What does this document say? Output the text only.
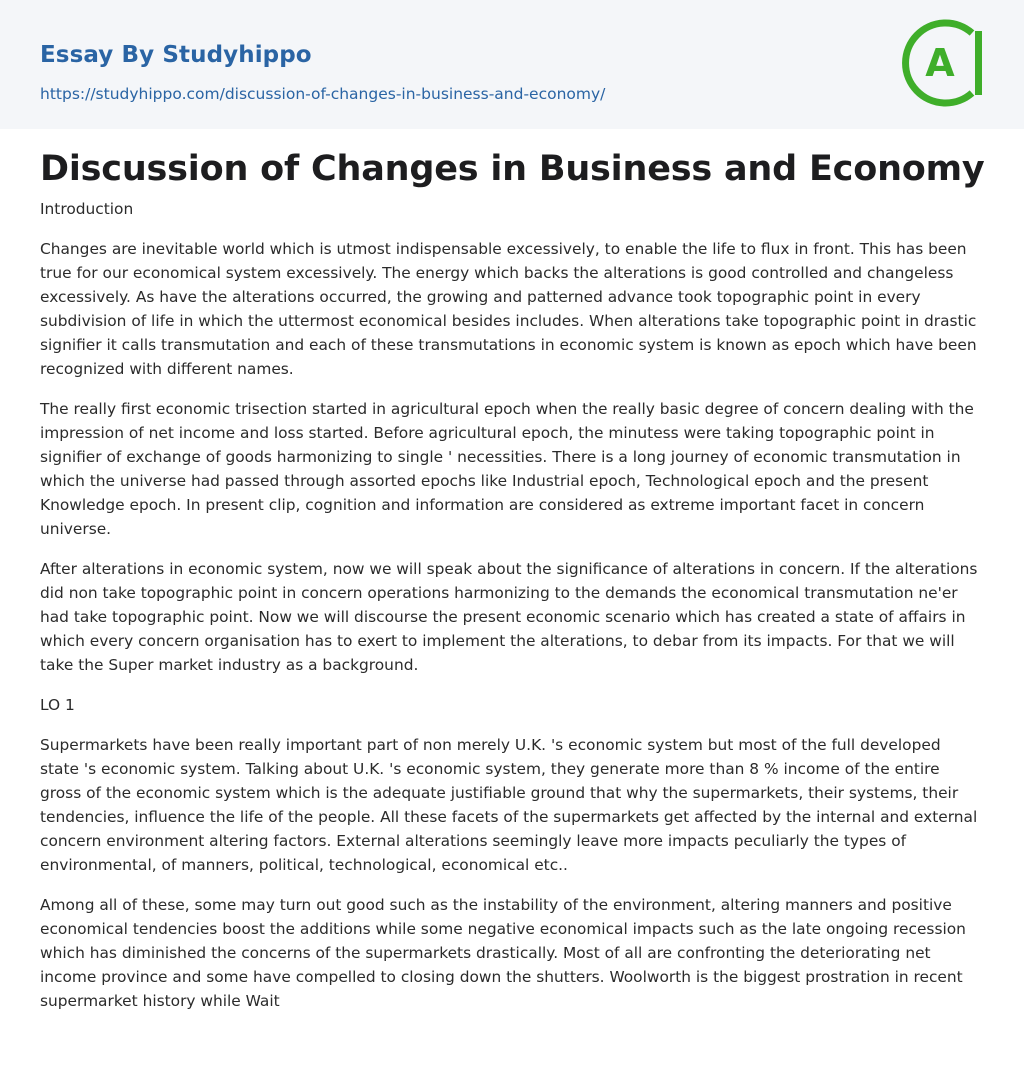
Essay By Studyhippo
https://studyhippo.com/discussion-of-changes-in-business-and-economy/
A
Discussion of Changes in Business and Economy

Introduction

Changes are inevitable world which is utmost indispensable excessively, to enable the life to flux in front. This has been true for our economical system excessively. The energy which backs the alterations is good controlled and changeless excessively. As have the alterations occurred, the growing and patterned advance took topographic point in every subdivision of life in which the uttermost economical besides includes. When alterations take topographic point in drastic signifier it calls transmutation and each of these transmutations in economic system is known as epoch which have been recognized with different names.

The really first economic trisection started in agricultural epoch when the really basic degree of concern dealing with the impression of net income and loss started. Before agricultural epoch, the minutess were taking topographic point in signifier of exchange of goods harmonizing to single ' necessities. There is a long journey of economic transmutation in which the universe had passed through assorted epochs like Industrial epoch, Technological epoch and the present Knowledge epoch. In present clip, cognition and information are considered as extreme important facet in concern universe.

After alterations in economic system, now we will speak about the significance of alterations in concern. If the alterations did non take topographic point in concern operations harmonizing to the demands the economical transmutation ne'er had take topographic point. Now we will discourse the present economic scenario which has created a state of affairs in which every concern organisation has to exert to implement the alterations, to debar from its impacts. For that we will take the Super market industry as a background.

LO 1

Supermarkets have been really important part of non merely U.K. 's economic system but most of the full developed state 's economic system. Talking about U.K. 's economic system, they generate more than 8 % income of the entire gross of the economic system which is the adequate justifiable ground that why the supermarkets, their systems, their tendencies, influence the life of the people. All these facets of the supermarkets get affected by the internal and external concern environment altering factors. External alterations seemingly leave more impacts peculiarly the types of environmental, of manners, political, technological, economical etc..

Among all of these, some may turn out good such as the instability of the environment, altering manners and positive economical tendencies boost the additions while some negative economical impacts such as the late ongoing recession which has diminished the concerns of the supermarkets drastically. Most of all are confronting the deteriorating net income province and some have compelled to closing down the shutters. Woolworth is the biggest prostration in recent supermarket history while Wait
